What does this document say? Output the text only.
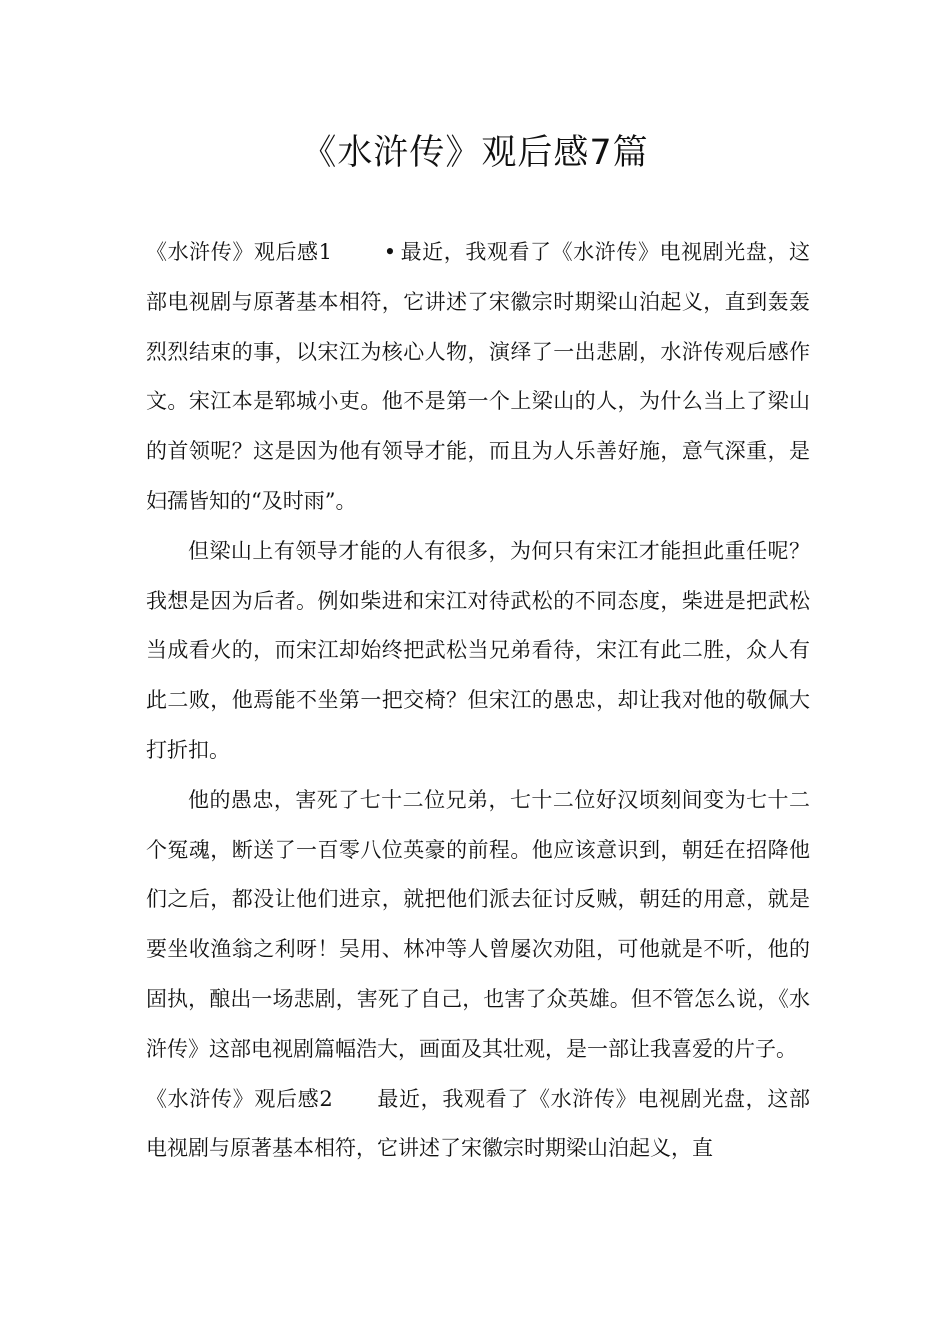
《水浒传》观后感7篇

《水浒传》观后感1 • 最近，我观看了《水浒传》电视剧光盘，这部电视剧与原著基本相符，它讲述了宋徽宗时期梁山泊起义，直到轰轰烈烈结束的事，以宋江为核心人物，演绎了一出悲剧，水浒传观后感作文。宋江本是郓城小吏。他不是第一个上梁山的人，为什么当上了梁山的首领呢？这是因为他有领导才能，而且为人乐善好施，意气深重，是妇孺皆知的“及时雨”。

但梁山上有领导才能的人有很多，为何只有宋江才能担此重任呢？我想是因为后者。例如柴进和宋江对待武松的不同态度，柴进是把武松当成看火的，而宋江却始终把武松当兄弟看待，宋江有此二胜，众人有此二败，他焉能不坐第一把交椅？但宋江的愚忠，却让我对他的敬佩大打折扣。

他的愚忠，害死了七十二位兄弟，七十二位好汉顷刻间变为七十二个冤魂，断送了一百零八位英豪的前程。他应该意识到，朝廷在招降他们之后，都没让他们进京，就把他们派去征讨反贼，朝廷的用意，就是要坐收渔翁之利呀！吴用、林冲等人曾屡次劝阻，可他就是不听，他的固执，酿出一场悲剧，害死了自己，也害了众英雄。但不管怎么说，《水浒传》这部电视剧篇幅浩大，画面及其壮观，是一部让我喜爱的片子。

《水浒传》观后感2 最近，我观看了《水浒传》电视剧光盘，这部电视剧与原著基本相符，它讲述了宋徽宗时期梁山泊起义，直
